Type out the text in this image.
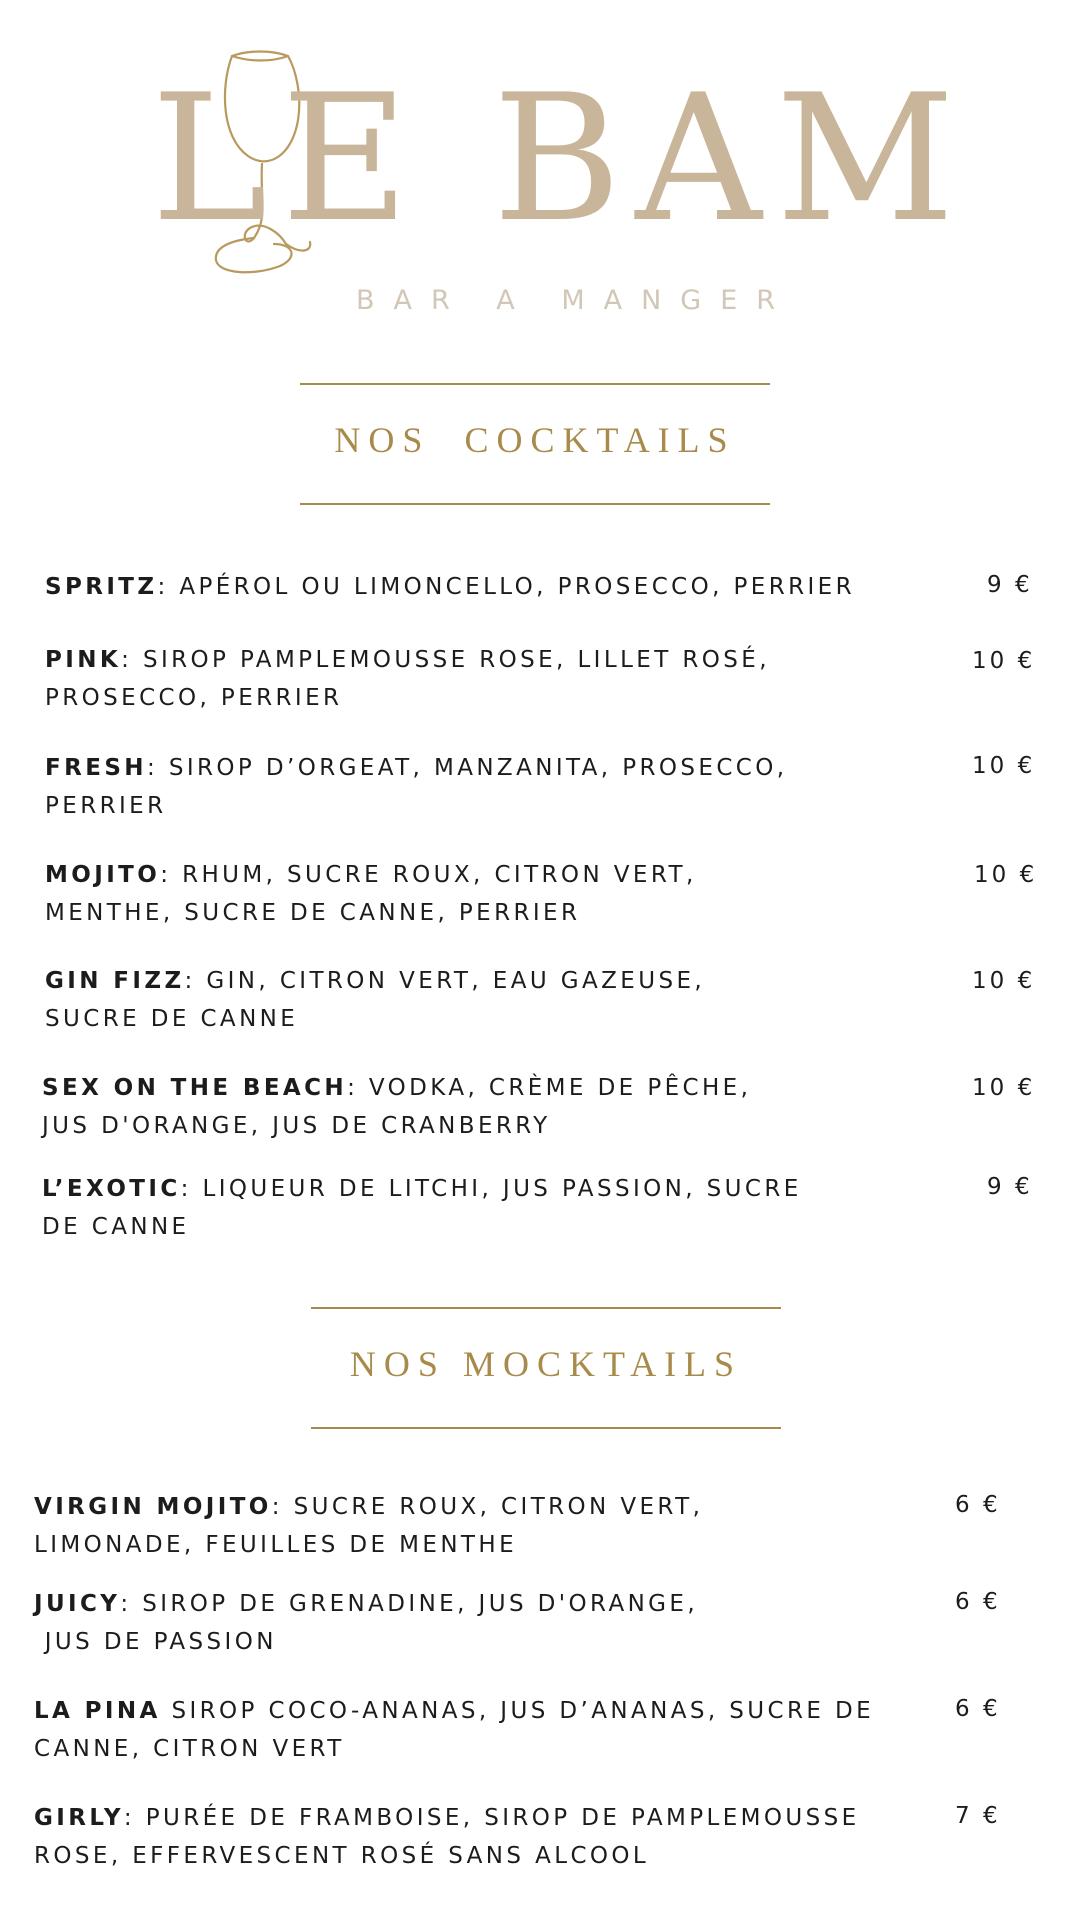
LE BAM
BAR A MANGER
NOS  COCKTAILS
SPRITZ: APÉROL OU LIMONCELLO, PROSECCO, PERRIER	9 €
PINK: SIROP PAMPLEMOUSSE ROSE, LILLET ROSÉ,
PROSECCO, PERRIER
10 €
FRESH: SIROP D’ORGEAT, MANZANITA, PROSECCO,
PERRIER
10 €
MOJITO: RHUM, SUCRE ROUX, CITRON VERT,
MENTHE, SUCRE DE CANNE, PERRIER
10 €
GIN FIZZ: GIN, CITRON VERT, EAU GAZEUSE,
SUCRE DE CANNE
10 €
SEX ON THE BEACH: VODKA, CRÈME DE PÊCHE,
JUS D'ORANGE, JUS DE CRANBERRY
10 €
L’EXOTIC: LIQUEUR DE LITCHI, JUS PASSION, SUCRE
DE CANNE
9 €
NOS MOCKTAILS
VIRGIN MOJITO: SUCRE ROUX, CITRON VERT,
LIMONADE, FEUILLES DE MENTHE
6 €
JUICY: SIROP DE GRENADINE, JUS D'ORANGE,
JUS DE PASSION
6 €
LA PINA SIROP COCO-ANANAS, JUS D’ANANAS, SUCRE DE
CANNE, CITRON VERT
6 €
GIRLY: PURÉE DE FRAMBOISE, SIROP DE PAMPLEMOUSSE
ROSE, EFFERVESCENT ROSÉ SANS ALCOOL
7 €
